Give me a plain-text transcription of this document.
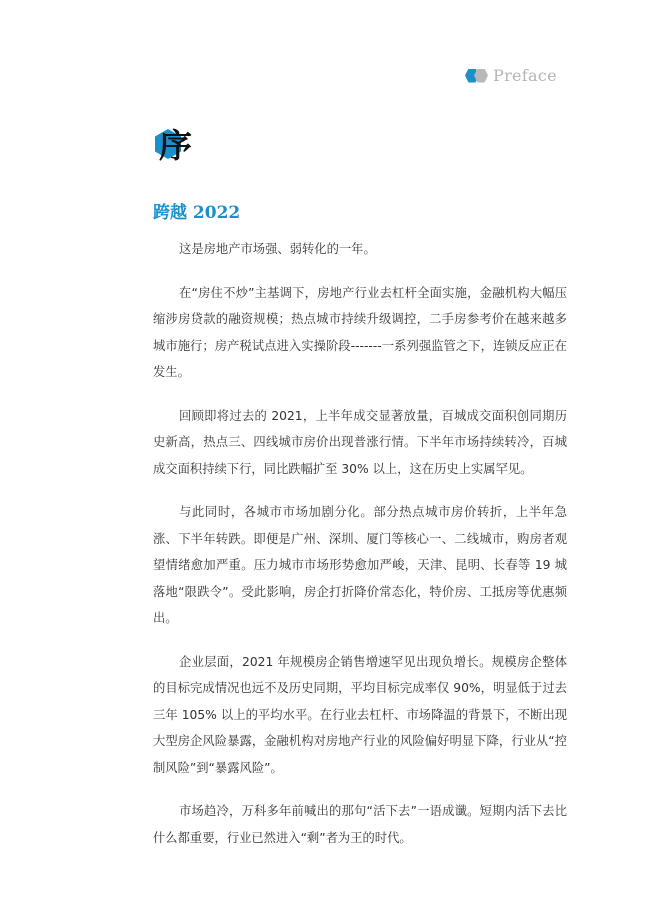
Preface
序
跨越 2022

这是房地产市场强、弱转化的一年。

在“房住不炒”主基调下，房地产行业去杠杆全面实施，金融机构大幅压缩涉房贷款的融资规模；热点城市持续升级调控，二手房参考价在越来越多城市施行；房产税试点进入实操阶段-------一系列强监管之下，连锁反应正在发生。

回顾即将过去的 2021，上半年成交显著放量，百城成交面积创同期历史新高，热点三、四线城市房价出现普涨行情。下半年市场持续转冷，百城成交面积持续下行，同比跌幅扩至 30% 以上，这在历史上实属罕见。

与此同时，各城市市场加剧分化。部分热点城市房价转折，上半年急涨、下半年转跌。即便是广州、深圳、厦门等核心一、二线城市，购房者观望情绪愈加严重。压力城市市场形势愈加严峻，天津、昆明、长春等 19 城落地“限跌令”。受此影响，房企打折降价常态化，特价房、工抵房等优惠频出。

企业层面，2021 年规模房企销售增速罕见出现负增长。规模房企整体的目标完成情况也远不及历史同期，平均目标完成率仅 90%，明显低于过去三年 105% 以上的平均水平。在行业去杠杆、市场降温的背景下，不断出现大型房企风险暴露，金融机构对房地产行业的风险偏好明显下降，行业从“控制风险”到“暴露风险”。

市场趋冷，万科多年前喊出的那句“活下去”一语成谶。短期内活下去比什么都重要，行业已然进入“剩”者为王的时代。
